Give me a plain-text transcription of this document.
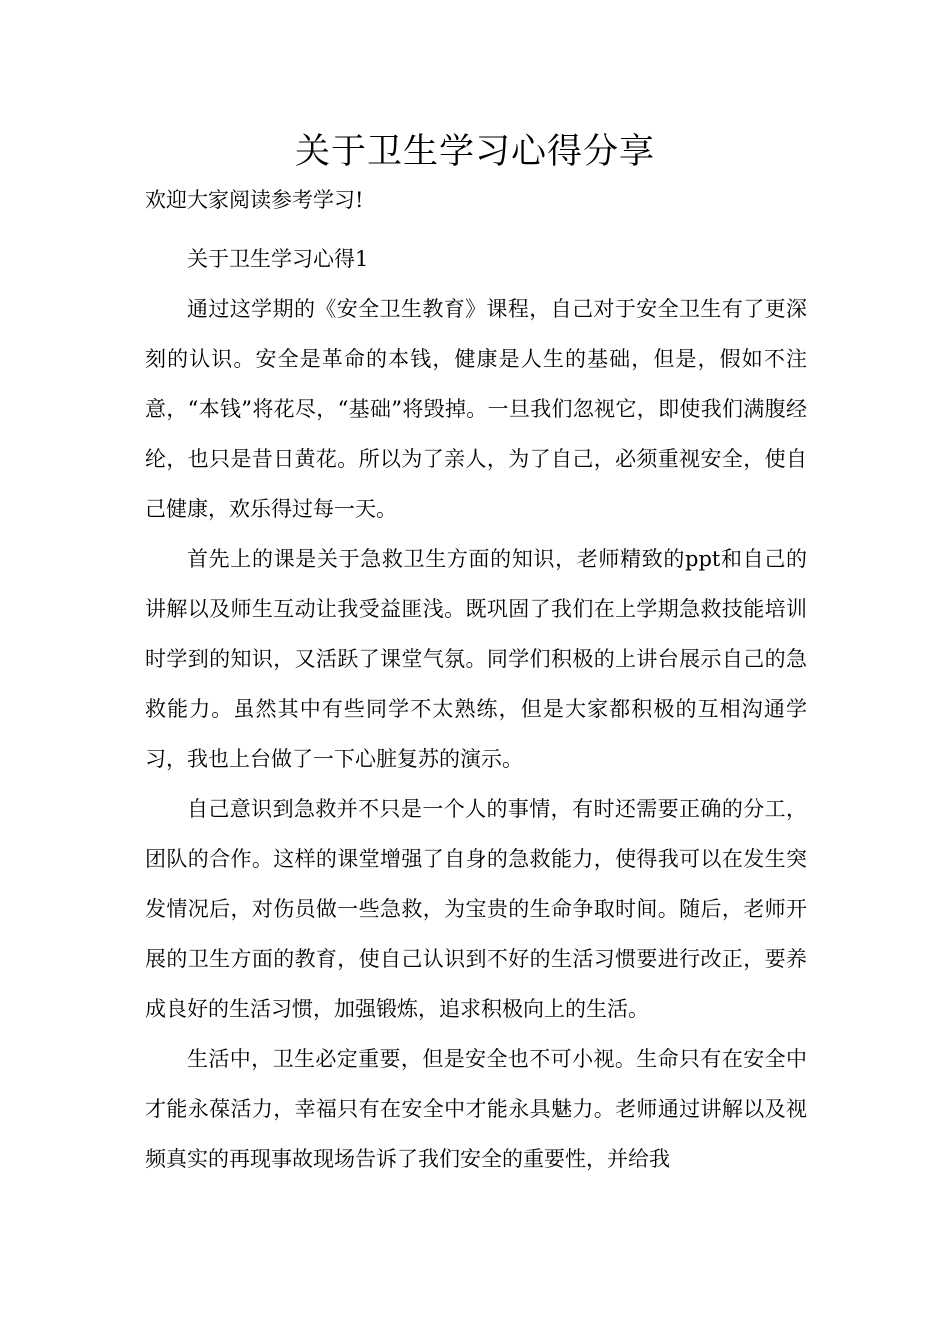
关于卫生学习心得分享

欢迎大家阅读参考学习!

关于卫生学习心得1

通过这学期的《安全卫生教育》课程，自己对于安全卫生有了更深刻的认识。安全是革命的本钱，健康是人生的基础，但是，假如不注意，“本钱”将花尽，“基础”将毁掉。一旦我们忽视它，即使我们满腹经纶，也只是昔日黄花。所以为了亲人，为了自己，必须重视安全，使自己健康，欢乐得过每一天。

首先上的课是关于急救卫生方面的知识，老师精致的ppt和自己的讲解以及师生互动让我受益匪浅。既巩固了我们在上学期急救技能培训时学到的知识，又活跃了课堂气氛。同学们积极的上讲台展示自己的急救能力。虽然其中有些同学不太熟练，但是大家都积极的互相沟通学习，我也上台做了一下心脏复苏的演示。

自己意识到急救并不只是一个人的事情，有时还需要正确的分工，团队的合作。这样的课堂增强了自身的急救能力，使得我可以在发生突发情况后，对伤员做一些急救，为宝贵的生命争取时间。随后，老师开展的卫生方面的教育，使自己认识到不好的生活习惯要进行改正，要养成良好的生活习惯，加强锻炼，追求积极向上的生活。

生活中，卫生必定重要，但是安全也不可小视。生命只有在安全中才能永葆活力，幸福只有在安全中才能永具魅力。老师通过讲解以及视频真实的再现事故现场告诉了我们安全的重要性，并给我
